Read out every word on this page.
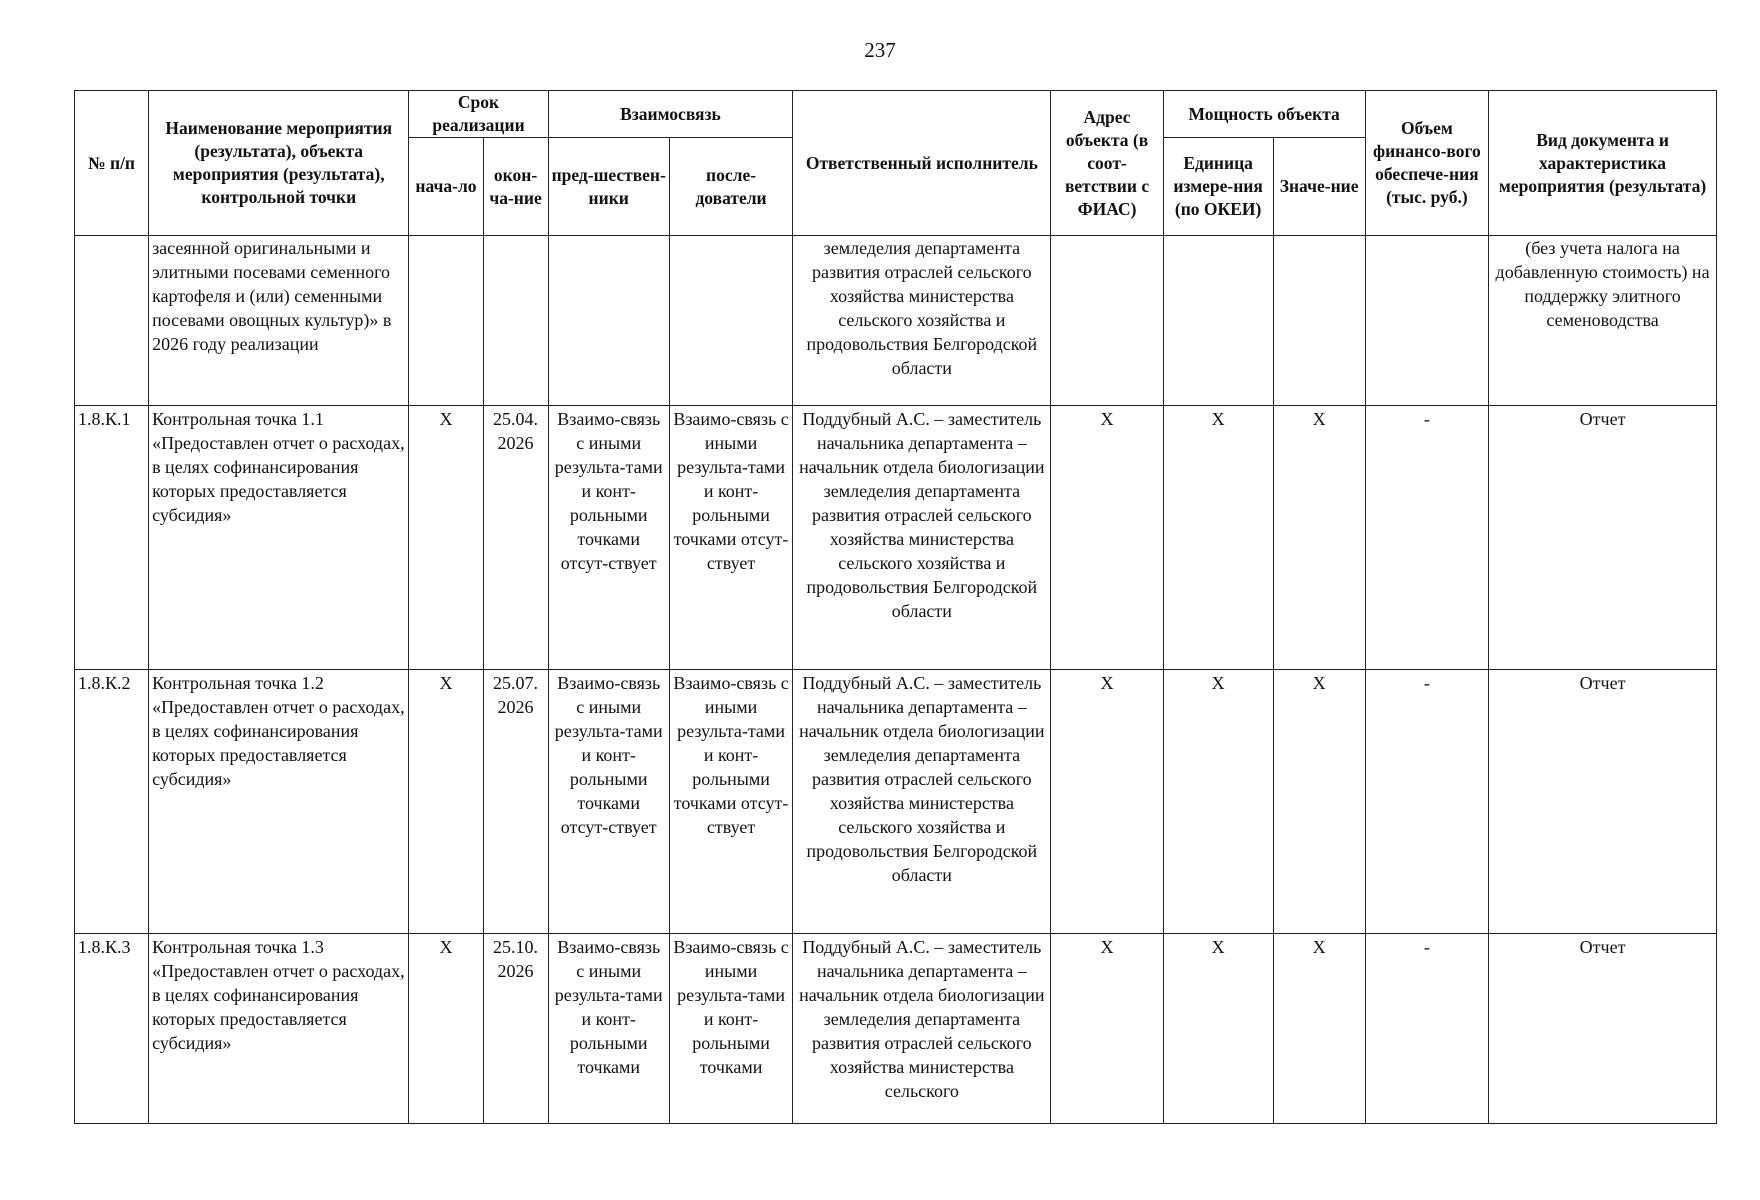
237
№ п/п	Наименование мероприятия (результата), объекта мероприятия (результата), контрольной точки	Срок реализации		Взаимосвязь		Ответственный исполнитель	Адрес объекта (в соот-ветствии с ФИАС)	Мощность объекта		Объем финансо-вого обеспече-ния (тыс. руб.)	Вид документа и характеристика мероприятия (результата)
		нача-ло	окон-ча-ние	пред-шествен-ники	после-дователи			Единица измере-ния (по ОКЕИ)	Значе-ние		
	засеянной оригинальными и элитными посевами семенного картофеля и (или) семенными посевами овощных культур)» в 2026 году реализации					земледелия департамента развития отраслей сельского хозяйства министерства сельского хозяйства и продовольствия Белгородской области					(без учета налога на добавленную стоимость) на поддержку элитного семеноводства
1.8.К.1	Контрольная точка 1.1 «Предоставлен отчет о расходах, в целях софинансирования которых предоставляется субсидия»	X	25.04. 2026	Взаимо-связь с иными результа-тами и конт-рольными точками отсут-ствует	Взаимо-связь с иными результа-тами и конт-рольными точками отсут-ствует	Поддубный А.С. – заместитель начальника департамента – начальник отдела биологизации земледелия департамента развития отраслей сельского хозяйства министерства сельского хозяйства и продовольствия Белгородской области	X	X	X	-	Отчет
1.8.К.2	Контрольная точка 1.2 «Предоставлен отчет о расходах, в целях софинансирования которых предоставляется субсидия»	X	25.07. 2026	Взаимо-связь с иными результа-тами и конт-рольными точками отсут-ствует	Взаимо-связь с иными результа-тами и конт-рольными точками отсут-ствует	Поддубный А.С. – заместитель начальника департамента – начальник отдела биологизации земледелия департамента развития отраслей сельского хозяйства министерства сельского хозяйства и продовольствия Белгородской области	X	X	X	-	Отчет
1.8.К.3	Контрольная точка 1.3 «Предоставлен отчет о расходах, в целях софинансирования которых предоставляется субсидия»	X	25.10. 2026	Взаимо-связь с иными результа-тами и конт-рольными точками	Взаимо-связь с иными результа-тами и конт-рольными точками	Поддубный А.С. – заместитель начальника департамента – начальник отдела биологизации земледелия департамента развития отраслей сельского хозяйства министерства сельского	X	X	X	-	Отчет
